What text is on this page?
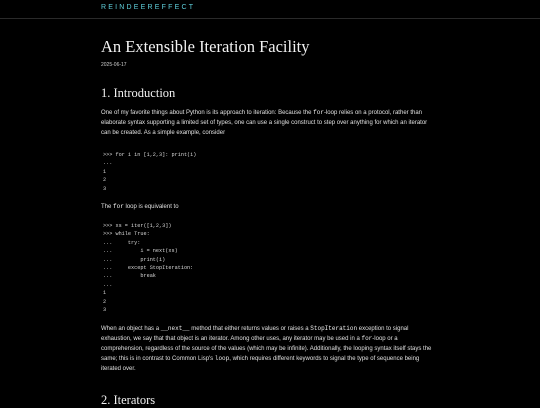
REINDEEREFFECT
An Extensible Iteration Facility
2025-06-17
1. Introduction

One of my favorite things about Python is its approach to iteration: Because the for-loop relies on a protocol, rather than elaborate syntax supporting a limited set of types, one can use a single construct to step over anything for which an iterator can be created. As a simple example, consider

>>> for i in [1,2,3]: print(i)
...
1
2
3

The for loop is equivalent to

>>> xs = iter([1,2,3])
>>> while True:
...     try:
...         i = next(xs)
...         print(i)
...     except StopIteration:
...         break
...
1
2
3

When an object has a __next__ method that either returns values or raises a StopIteration exception to signal exhaustion, we say that that object is an iterator. Among other uses, any iterator may be used in a for-loop or a comprehension, regardless of the source of the values (which may be infinite). Additionally, the looping syntax itself stays the same; this is in contrast to Common Lisp's loop, which requires different keywords to signal the type of sequence being iterated over.

2. Iterators
